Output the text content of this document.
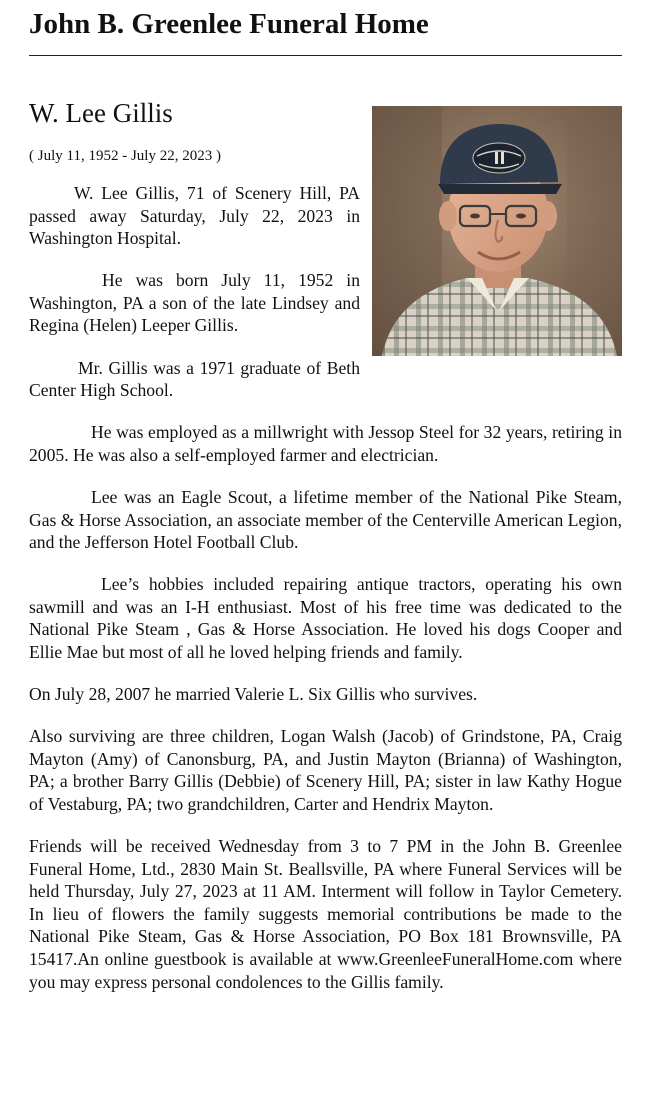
John B. Greenlee Funeral Home
W. Lee Gillis

( July 11, 1952 - July 22, 2023 )

W. Lee Gillis, 71 of Scenery Hill, PA passed away Saturday, July 22, 2023 in Washington Hospital.

He was born July 11, 1952 in Washington, PA a son of the late Lindsey and Regina (Helen) Leeper Gillis.

Mr. Gillis was a 1971 graduate of Beth Center High School.

He was employed as a millwright with Jessop Steel for 32 years, retiring in 2005. He was also a self-employed farmer and electrician.

Lee was an Eagle Scout, a lifetime member of the National Pike Steam, Gas & Horse Association, an associate member of the Centerville American Legion, and the Jefferson Hotel Football Club.

Lee’s hobbies included repairing antique tractors, operating his own sawmill and was an I-H enthusiast. Most of his free time was dedicated to the National Pike Steam , Gas & Horse Association. He loved his dogs Cooper and Ellie Mae but most of all he loved helping friends and family.

On July 28, 2007 he married Valerie L. Six Gillis who survives.

Also surviving are three children, Logan Walsh (Jacob) of Grindstone, PA, Craig Mayton (Amy) of Canonsburg, PA, and Justin Mayton (Brianna) of Washington, PA; a brother Barry Gillis (Debbie) of Scenery Hill, PA; sister in law Kathy Hogue of Vestaburg, PA; two grandchildren, Carter and Hendrix Mayton.

Friends will be received Wednesday from 3 to 7 PM in the John B. Greenlee Funeral Home, Ltd., 2830 Main St. Beallsville, PA where Funeral Services will be held Thursday, July 27, 2023 at 11 AM. Interment will follow in Taylor Cemetery. In lieu of flowers the family suggests memorial contributions be made to the National Pike Steam, Gas & Horse Association, PO Box 181 Brownsville, PA 15417.An online guestbook is available at www.GreenleeFuneralHome.com where you may express personal condolences to the Gillis family.
